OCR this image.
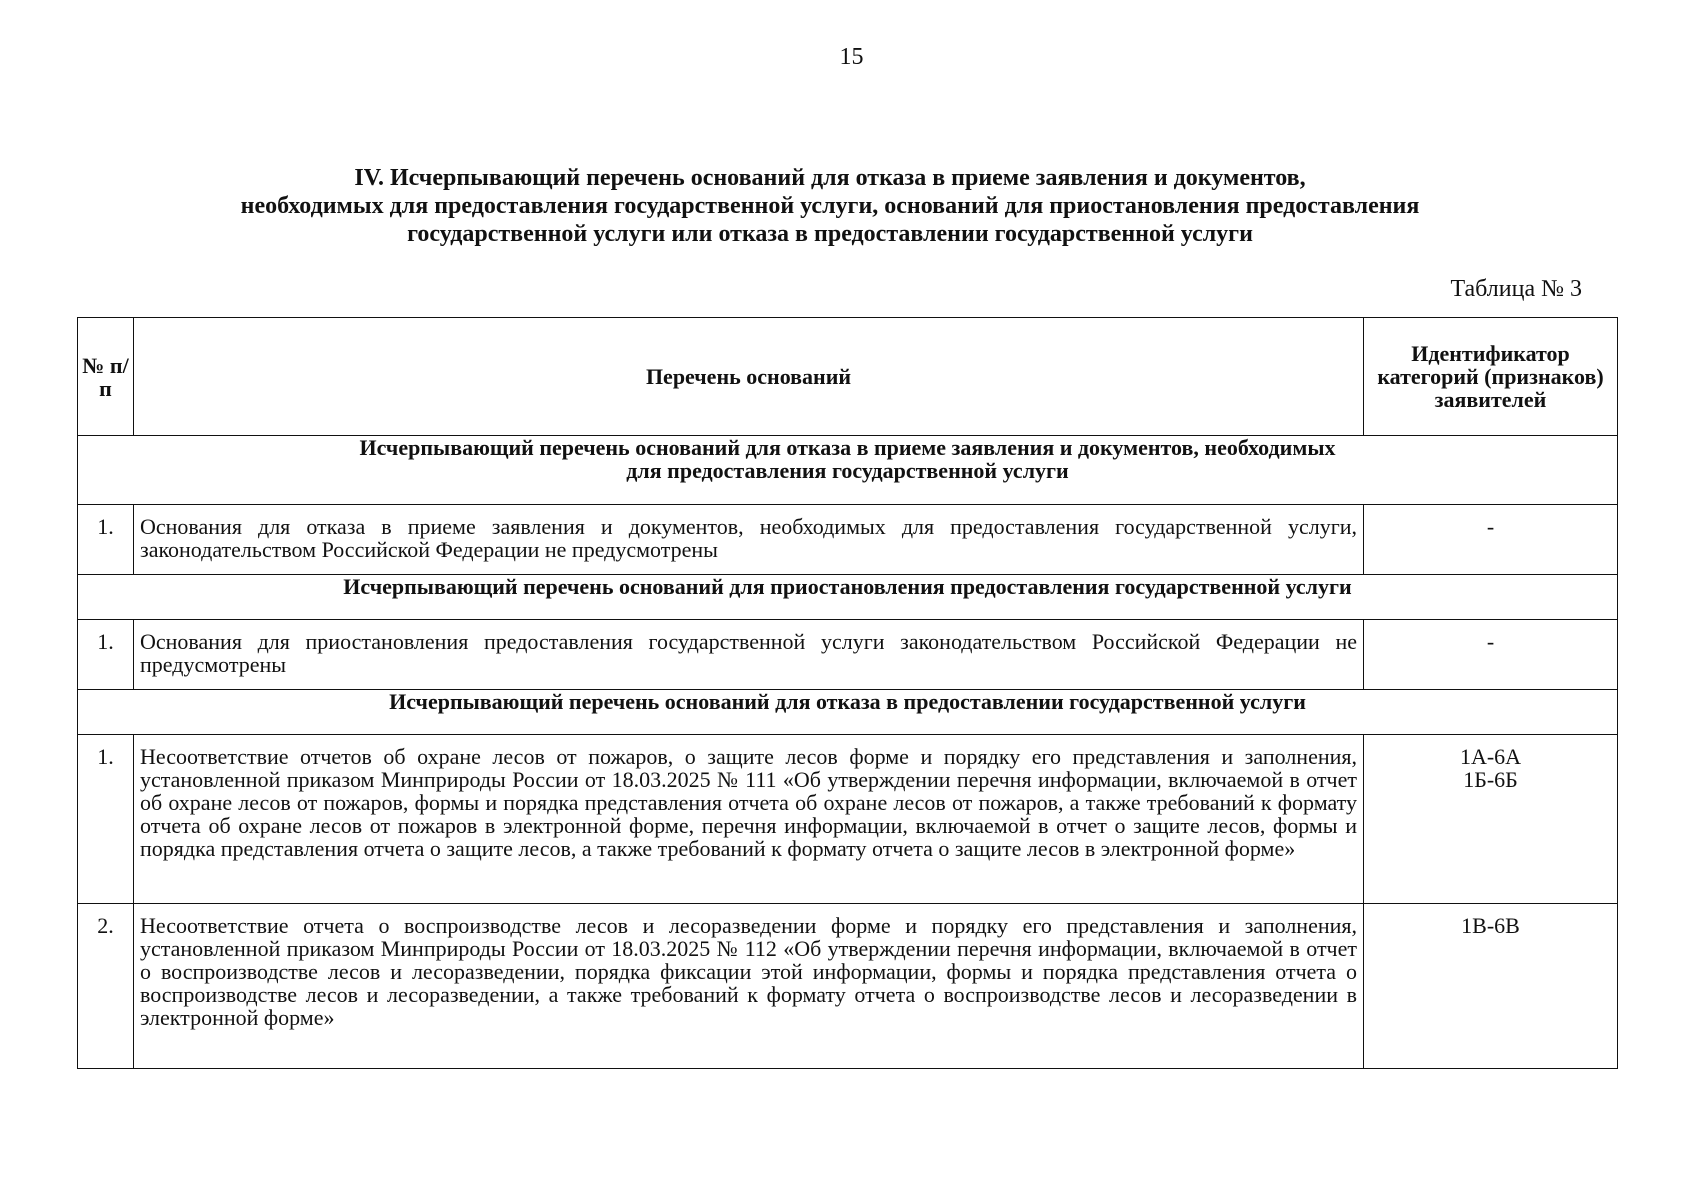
15
IV. Исчерпывающий перечень оснований для отказа в приеме заявления и документов,
необходимых для предоставления государственной услуги, оснований для приостановления предоставления
государственной услуги или отказа в предоставлении государственной услуги
Таблица № 3
№ п/п	Перечень оснований	Идентификатор категорий (признаков) заявителей

Исчерпывающий перечень оснований для отказа в приеме заявления и документов, необходимых
для предоставления государственной услуги		

1.	Основания для отказа в приеме заявления и документов, необходимых для предоставления государственной услуги, законодательством Российской Федерации не предусмотрены	-
Исчерпывающий перечень оснований для приостановления предоставления государственной услуги		
1.	Основания для приостановления предоставления государственной услуги законодательством Российской Федерации не предусмотрены	-
Исчерпывающий перечень оснований для отказа в предоставлении государственной услуги		
1.	Несоответствие отчетов об охране лесов от пожаров, о защите лесов форме и порядку его представления и заполнения, установленной приказом Минприроды России от 18.03.2025 № 111 «Об утверждении перечня информации, включаемой в отчет об охране лесов от пожаров, формы и порядка представления отчета об охране лесов от пожаров, а также требований к формату отчета об охране лесов от пожаров в электронной форме, перечня информации, включаемой в отчет о защите лесов, формы и порядка представления отчета о защите лесов, а также требований к формату отчета о защите лесов в электронной форме»	1А-6А
1Б-6Б

2.	Несоответствие отчета о воспроизводстве лесов и лесоразведении форме и порядку его представления и заполнения, установленной приказом Минприроды России от 18.03.2025 № 112 «Об утверждении перечня информации, включаемой в отчет о воспроизводстве лесов и лесоразведении, порядка фиксации этой информации, формы и порядка представления отчета о воспроизводстве лесов и лесоразведении, а также требований к формату отчета о воспроизводстве лесов и лесоразведении в электронной форме»	1В-6В
